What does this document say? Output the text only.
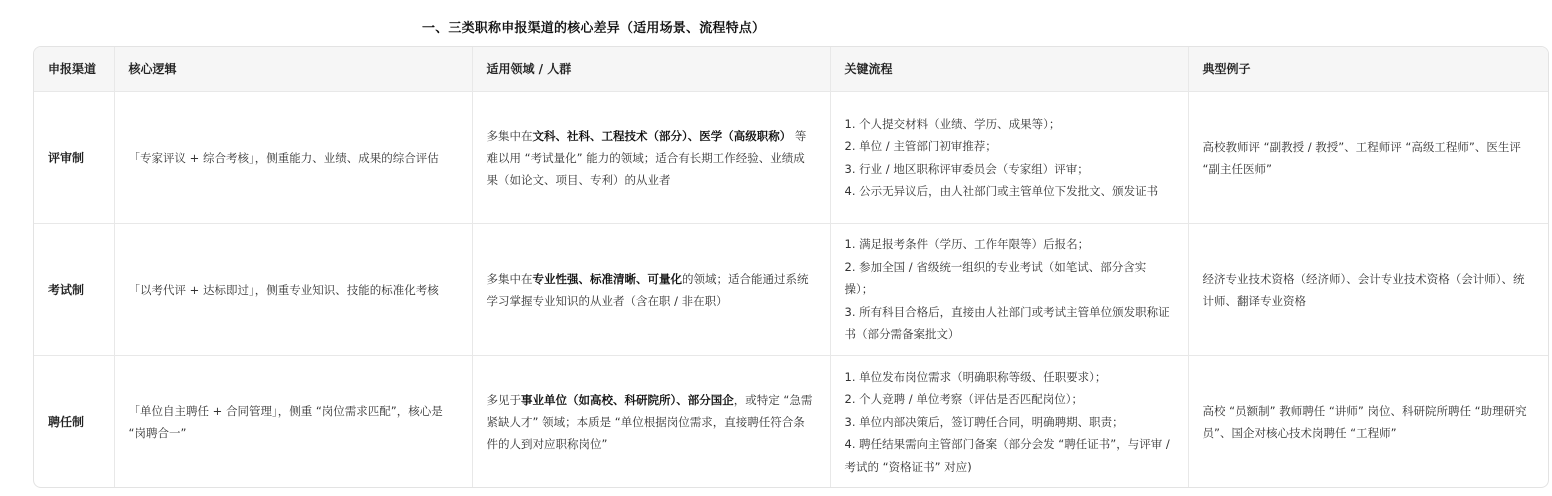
一、三类职称申报渠道的核心差异（适用场景、流程特点）
申报渠道	核心逻辑	适用领域 / 人群	关键流程	典型例子
评审制	「专家评议 + 综合考核」，侧重能力、业绩、成果的综合评估	多集中在文科、社科、工程技术（部分）、医学（高级职称） 等难以用 “考试量化” 能力的领域；适合有长期工作经验、业绩成果（如论文、项目、专利）的从业者	1. 个人提交材料（业绩、学历、成果等）；
2. 单位 / 主管部门初审推荐；
3. 行业 / 地区职称评审委员会（专家组）评审；
4. 公示无异议后，由人社部门或主管单位下发批文、颁发证书	高校教师评 “副教授 / 教授”、工程师评 “高级工程师”、医生评 “副主任医师”
考试制	「以考代评 + 达标即过」，侧重专业知识、技能的标准化考核	多集中在专业性强、标准清晰、可量化的领域；适合能通过系统学习掌握专业知识的从业者（含在职 / 非在职）	1. 满足报考条件（学历、工作年限等）后报名；
2. 参加全国 / 省级统一组织的专业考试（如笔试、部分含实操）；
3. 所有科目合格后，直接由人社部门或考试主管单位颁发职称证书（部分需备案批文）	经济专业技术资格（经济师）、会计专业技术资格（会计师）、统计师、翻译专业资格
聘任制	「单位自主聘任 + 合同管理」，侧重 “岗位需求匹配”，核心是 “岗聘合一”	多见于事业单位（如高校、科研院所）、部分国企，或特定 “急需紧缺人才” 领域；本质是 “单位根据岗位需求，直接聘任符合条件的人到对应职称岗位”	1. 单位发布岗位需求（明确职称等级、任职要求）；
2. 个人竞聘 / 单位考察（评估是否匹配岗位）；
3. 单位内部决策后，签订聘任合同，明确聘期、职责；
4. 聘任结果需向主管部门备案（部分会发 “聘任证书”，与评审 / 考试的 “资格证书” 对应)	高校 “员额制” 教师聘任 “讲师” 岗位、科研院所聘任 “助理研究员”、国企对核心技术岗聘任 “工程师”
